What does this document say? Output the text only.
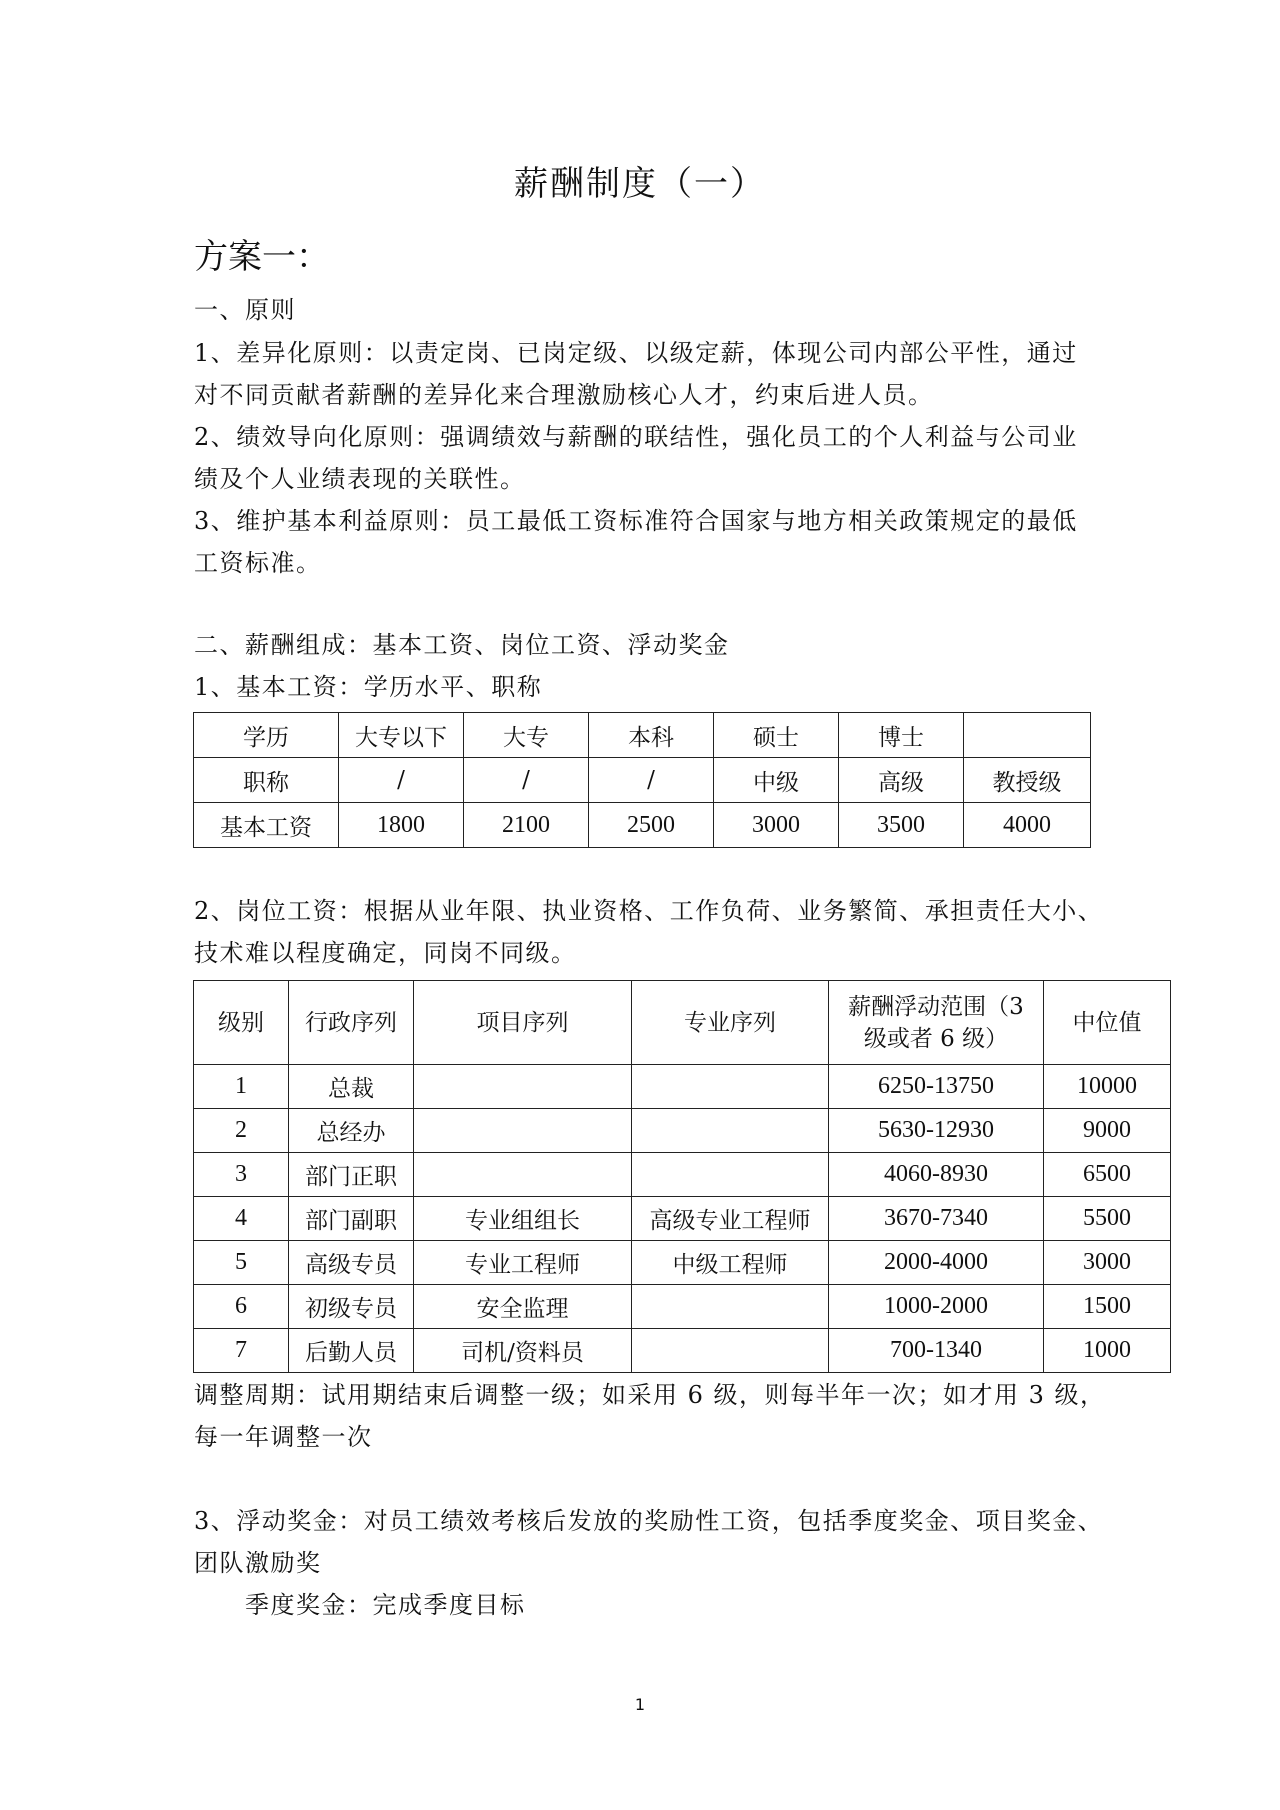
薪酬制度（一）
方案一：
一、原则
1、差异化原则：以责定岗、已岗定级、以级定薪，体现公司内部公平性，通过
对不同贡献者薪酬的差异化来合理激励核心人才，约束后进人员。
2、绩效导向化原则：强调绩效与薪酬的联结性，强化员工的个人利益与公司业
绩及个人业绩表现的关联性。
3、维护基本利益原则：员工最低工资标准符合国家与地方相关政策规定的最低
工资标准。
二、薪酬组成：基本工资、岗位工资、浮动奖金
1、基本工资：学历水平、职称
学历	大专以下	大专	本科	硕士	博士	
职称	/	/	/	中级	高级	教授级
基本工资	1800	2100	2500	3000	3500	4000
2、岗位工资：根据从业年限、执业资格、工作负荷、业务繁简、承担责任大小、
技术难以程度确定，同岗不同级。
级别	行政序列	项目序列	专业序列	薪酬浮动范围（3
级或者 6 级）	中位值
1	总裁			6250-13750	10000
2	总经办			5630-12930	9000
3	部门正职			4060-8930	6500
4	部门副职	专业组组长	高级专业工程师	3670-7340	5500
5	高级专员	专业工程师	中级工程师	2000-4000	3000
6	初级专员	安全监理		1000-2000	1500
7	后勤人员	司机/资料员		700-1340	1000
调整周期：试用期结束后调整一级；如采用 6 级，则每半年一次；如才用 3 级，
每一年调整一次
3、浮动奖金：对员工绩效考核后发放的奖励性工资，包括季度奖金、项目奖金、
团队激励奖
季度奖金：完成季度目标
1
